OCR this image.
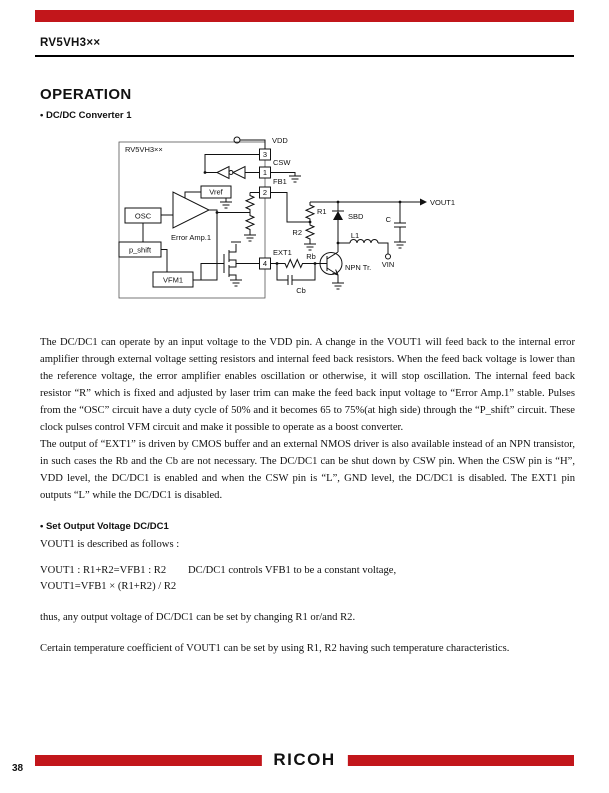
RV5VH3××
OPERATION
• DC/DC Converter 1
3
1
2
4
RV5VH3××
VDD
CSW
FB1
EXT1
OSC
p_shift
VFM1
Vref
Error Amp.1
R1
R2
SBD
L1
C
VOUT1
Rb
Cb
NPN Tr. VIN

The DC/DC1 can operate by an input voltage to the VDD pin. A change in the VOUT1 will feed back to the internal error amplifier through external voltage setting resistors and internal feed back resistors. When the feed back voltage is lower than the reference voltage, the error amplifier enables oscillation or otherwise, it will stop oscillation. The internal feed back resistor “R” which is fixed and adjusted by laser trim can make the feed back input voltage to “Error Amp.1” stable. Pulses from the “OSC” circuit have a duty cycle of 50% and it becomes 65 to 75%(at high side) through the “P_shift” circuit. These clock pulses control VFM circuit and make it possible to operate as a boost converter.

The output of “EXT1” is driven by CMOS buffer and an external NMOS driver is also available instead of an NPN transistor, in such cases the Rb and the Cb are not necessary. The DC/DC1 can be shut down by CSW pin. When the CSW pin is “H”, VDD level, the DC/DC1 is enabled and when the CSW pin is “L”, GND level, the DC/DC1 is disabled. The EXT1 pin outputs “L” while the DC/DC1 is disabled.

• Set Output Voltage DC/DC1
VOUT1 is described as follows :
VOUT1 : R1+R2=VFB1 : R2	DC/DC1 controls VFB1 to be a constant voltage,
VOUT1=VFB1 × (R1+R2) / R2
thus, any output voltage of DC/DC1 can be set by changing R1 or/and R2.
Certain temperature coefficient of VOUT1 can be set by using R1, R2 having such temperature characteristics.
RICOH
38
